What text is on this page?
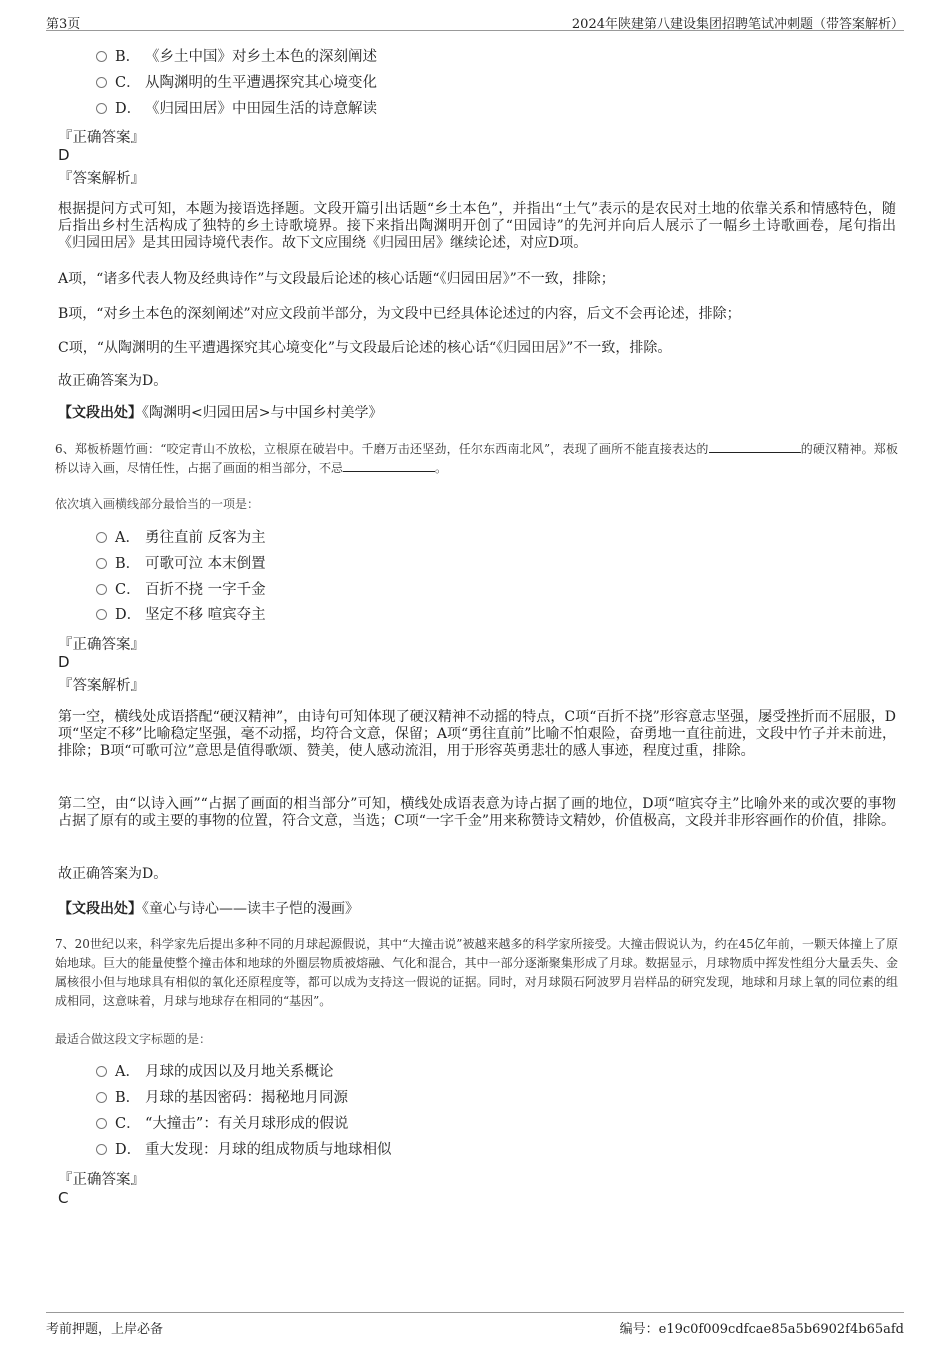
第3页	2024年陕建第八建设集团招聘笔试冲刺题（带答案解析）
B． 《乡土中国》对乡土本色的深刻阐述
C． 从陶渊明的生平遭遇探究其心境变化
D． 《归园田居》中田园生活的诗意解读
『正确答案』
D
『答案解析』
根据提问方式可知，本题为接语选择题。文段开篇引出话题“乡土本色”，并指出“土气”表示的是农民对土地的依靠关系和情感特色，随后指出乡村生活构成了独特的乡土诗歌境界。接下来指出陶渊明开创了“田园诗”的先河并向后人展示了一幅乡土诗歌画卷，尾句指出《归园田居》是其田园诗境代表作。故下文应围绕《归园田居》继续论述，对应D项。
A项，“诸多代表人物及经典诗作”与文段最后论述的核心话题“《归园田居》”不一致，排除；
B项，“对乡土本色的深刻阐述”对应文段前半部分，为文段中已经具体论述过的内容，后文不会再论述，排除；
C项，“从陶渊明的生平遭遇探究其心境变化”与文段最后论述的核心话“《归园田居》”不一致，排除。
故正确答案为D。
【文段出处】《陶渊明<归园田居>与中国乡村美学》
6、郑板桥题竹画：“咬定青山不放松，立根原在破岩中。千磨万击还坚劲，任尔东西南北风”，表现了画所不能直接表达的	的硬汉精神。郑板桥以诗入画，尽情任性，占据了画面的相当部分，不忌	。
依次填入画横线部分最恰当的一项是：
A． 勇往直前 反客为主
B． 可歌可泣 本末倒置
C． 百折不挠 一字千金
D． 坚定不移 喧宾夺主
『正确答案』
D
『答案解析』
第一空，横线处成语搭配“硬汉精神”，由诗句可知体现了硬汉精神不动摇的特点，C项“百折不挠”形容意志坚强，屡受挫折而不屈服，D项“坚定不移”比喻稳定坚强，毫不动摇，均符合文意，保留；A项“勇往直前”比喻不怕艰险，奋勇地一直往前进，文段中竹子并未前进，排除；B项“可歌可泣”意思是值得歌颂、赞美，使人感动流泪，用于形容英勇悲壮的感人事迹，程度过重，排除。
第二空，由“以诗入画”“占据了画面的相当部分”可知，横线处成语表意为诗占据了画的地位，D项“喧宾夺主”比喻外来的或次要的事物占据了原有的或主要的事物的位置，符合文意，当选；C项“一字千金”用来称赞诗文精妙，价值极高，文段并非形容画作的价值，排除。
故正确答案为D。
【文段出处】《童心与诗心——读丰子恺的漫画》
7、20世纪以来，科学家先后提出多种不同的月球起源假说，其中“大撞击说”被越来越多的科学家所接受。大撞击假说认为，约在45亿年前，一颗天体撞上了原始地球。巨大的能量使整个撞击体和地球的外圈层物质被熔融、气化和混合，其中一部分逐渐聚集形成了月球。数据显示，月球物质中挥发性组分大量丢失、金属核很小但与地球具有相似的氧化还原程度等，都可以成为支持这一假说的证据。同时，对月球陨石阿波罗月岩样品的研究发现，地球和月球上氧的同位素的组成相同，这意味着，月球与地球存在相同的“基因”。
最适合做这段文字标题的是：
A． 月球的成因以及月地关系概论
B． 月球的基因密码：揭秘地月同源
C． “大撞击”：有关月球形成的假说
D． 重大发现：月球的组成物质与地球相似
『正确答案』
C
考前押题，上岸必备	编号：e19c0f009cdfcae85a5b6902f4b65afd
